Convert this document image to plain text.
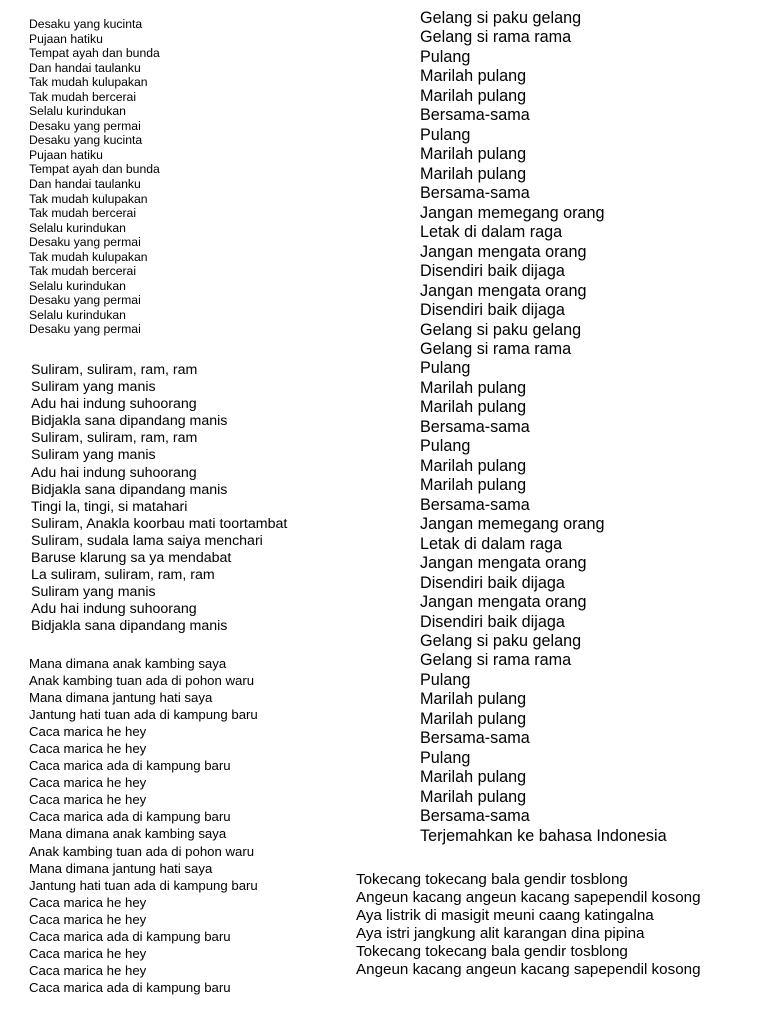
Desaku yang kucinta
Pujaan hatiku
Tempat ayah dan bunda
Dan handai taulanku
Tak mudah kulupakan
Tak mudah bercerai
Selalu kurindukan
Desaku yang permai
Desaku yang kucinta
Pujaan hatiku
Tempat ayah dan bunda
Dan handai taulanku
Tak mudah kulupakan
Tak mudah bercerai
Selalu kurindukan
Desaku yang permai
Tak mudah kulupakan
Tak mudah bercerai
Selalu kurindukan
Desaku yang permai
Selalu kurindukan
Desaku yang permai
Suliram, suliram, ram, ram
Suliram yang manis
Adu hai indung suhoorang
Bidjakla sana dipandang manis
Suliram, suliram, ram, ram
Suliram yang manis
Adu hai indung suhoorang
Bidjakla sana dipandang manis
Tingi la, tingi, si matahari
Suliram, Anakla koorbau mati toortambat
Suliram, sudala lama saiya menchari
Baruse klarung sa ya mendabat
La suliram, suliram, ram, ram
Suliram yang manis
Adu hai indung suhoorang
Bidjakla sana dipandang manis
Mana dimana anak kambing saya
Anak kambing tuan ada di pohon waru
Mana dimana jantung hati saya
Jantung hati tuan ada di kampung baru
Caca marica he hey
Caca marica he hey
Caca marica ada di kampung baru
Caca marica he hey
Caca marica he hey
Caca marica ada di kampung baru
Mana dimana anak kambing saya
Anak kambing tuan ada di pohon waru
Mana dimana jantung hati saya
Jantung hati tuan ada di kampung baru
Caca marica he hey
Caca marica he hey
Caca marica ada di kampung baru
Caca marica he hey
Caca marica he hey
Caca marica ada di kampung baru
Gelang si paku gelang
Gelang si rama rama
Pulang
Marilah pulang
Marilah pulang
Bersama-sama
Pulang
Marilah pulang
Marilah pulang
Bersama-sama
Jangan memegang orang
Letak di dalam raga
Jangan mengata orang
Disendiri baik dijaga
Jangan mengata orang
Disendiri baik dijaga
Gelang si paku gelang
Gelang si rama rama
Pulang
Marilah pulang
Marilah pulang
Bersama-sama
Pulang
Marilah pulang
Marilah pulang
Bersama-sama
Jangan memegang orang
Letak di dalam raga
Jangan mengata orang
Disendiri baik dijaga
Jangan mengata orang
Disendiri baik dijaga
Gelang si paku gelang
Gelang si rama rama
Pulang
Marilah pulang
Marilah pulang
Bersama-sama
Pulang
Marilah pulang
Marilah pulang
Bersama-sama
Terjemahkan ke bahasa Indonesia
Tokecang tokecang bala gendir tosblong
Angeun kacang angeun kacang sapependil kosong
Aya listrik di masigit meuni caang katingalna
Aya istri jangkung alit karangan dina pipina
Tokecang tokecang bala gendir tosblong
Angeun kacang angeun kacang sapependil kosong
